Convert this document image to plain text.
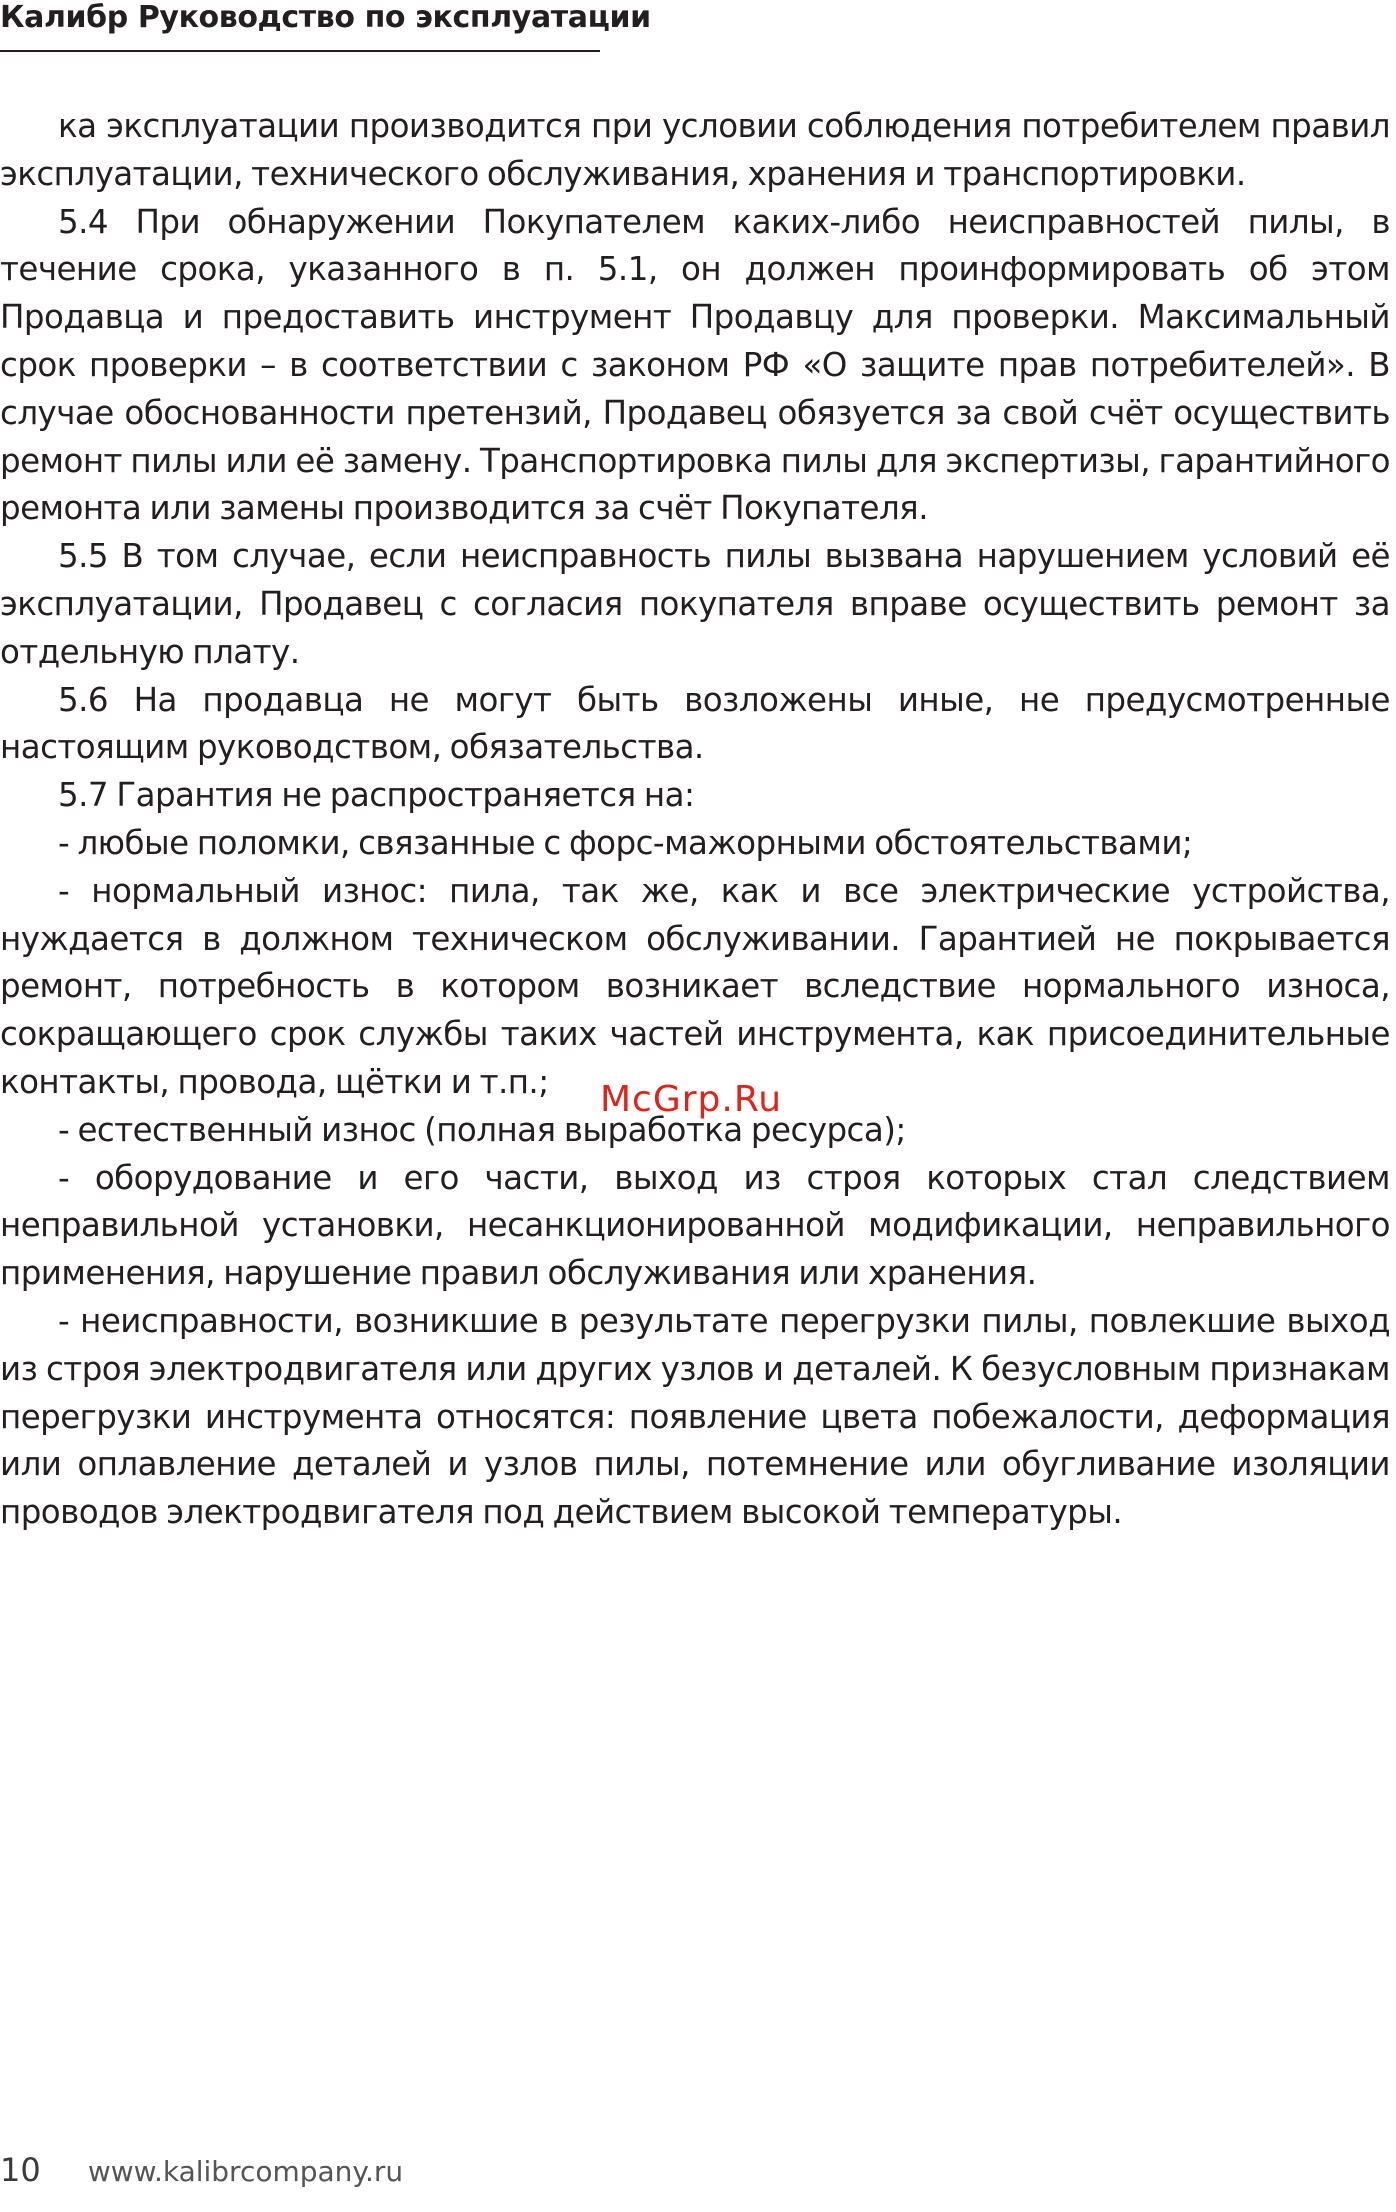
Калибр Руководство по эксплуатации

ка эксплуатации производится при условии соблюдения потребителем правил эксплуатации, технического обслуживания, хранения и транспортировки.

5.4 При обнаружении Покупателем каких-либо неисправностей пилы, в течение срока, указанного в п. 5.1, он должен проинформировать об этом Продавца и предоставить инструмент Продавцу для проверки. Максимальный срок проверки – в соответствии с законом РФ «О защите прав потребителей». В случае обоснованности претензий, Продавец обязуется за свой счёт осуществить ремонт пилы или её замену. Транспортировка пилы для экспертизы, гарантийного ремонта или замены производится за счёт Покупателя.

5.5 В том случае, если неисправность пилы вызвана нарушением условий её эксплуатации, Продавец с согласия покупателя вправе осуществить ремонт за отдельную плату.

5.6 На продавца не могут быть возложены иные, не предусмотренные настоящим руководством, обязательства.

5.7 Гарантия не распространяется на:

- любые поломки, связанные с форс-мажорными обстоятельствами;

- нормальный износ: пила, так же, как и все электрические устройства, нуждается в должном техническом обслуживании. Гарантией не покрывается ремонт, потребность в котором возникает вследствие нормального износа, сокращающего срок службы таких частей инструмента, как присоединительные контакты, провода, щётки и т.п.;

- естественный износ (полная выработка ресурса);

- оборудование и его части, выход из строя которых стал следствием неправильной установки, несанкционированной модификации, неправильного применения, нарушение правил обслуживания или хранения.

- неисправности, возникшие в результате перегрузки пилы, повлекшие выход из строя электродвигателя или других узлов и деталей. К безусловным признакам перегрузки инструмента относятся: появление цвета побежалости, деформация или оплавление деталей и узлов пилы, потемнение или обугливание изоляции проводов электродвигателя под действием высокой температуры.

McGrp.Ru
10 www.kalibrcompany.ru
